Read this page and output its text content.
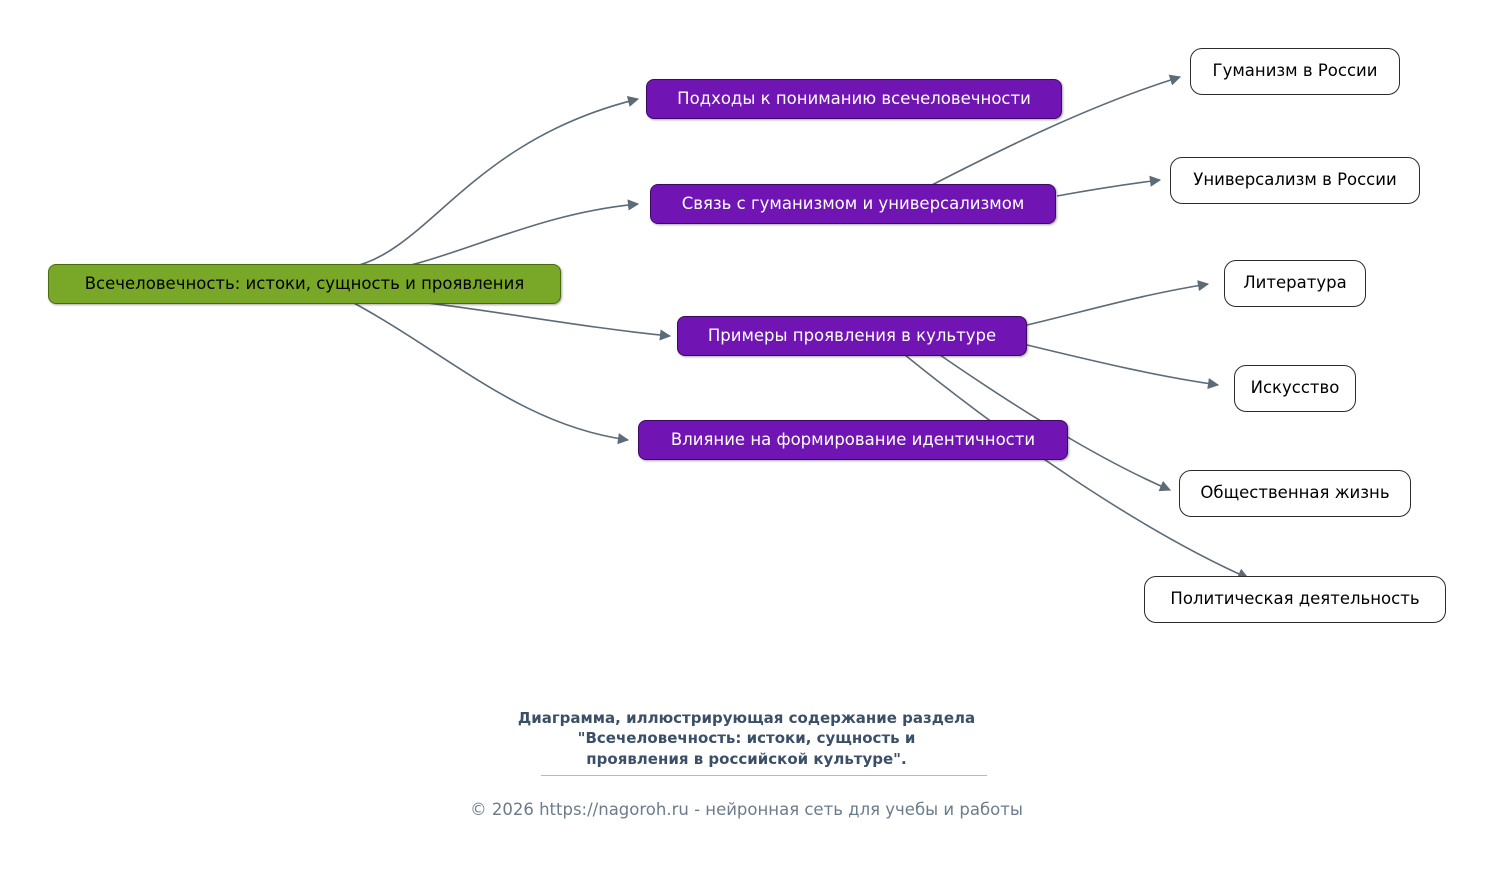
Всечеловечность: истоки, сущность и проявления
Подходы к пониманию всечеловечности
Связь с гуманизмом и универсализмом
Примеры проявления в культуре
Влияние на формирование идентичности
Гуманизм в России
Универсализм в России
Литература
Искусство
Общественная жизнь
Политическая деятельность
Диаграмма, иллюстрирующая содержание раздела
"Всечеловечность: истоки, сущность и
проявления в российской культуре".
© 2026 https://nagoroh.ru - нейронная сеть для учебы и работы
